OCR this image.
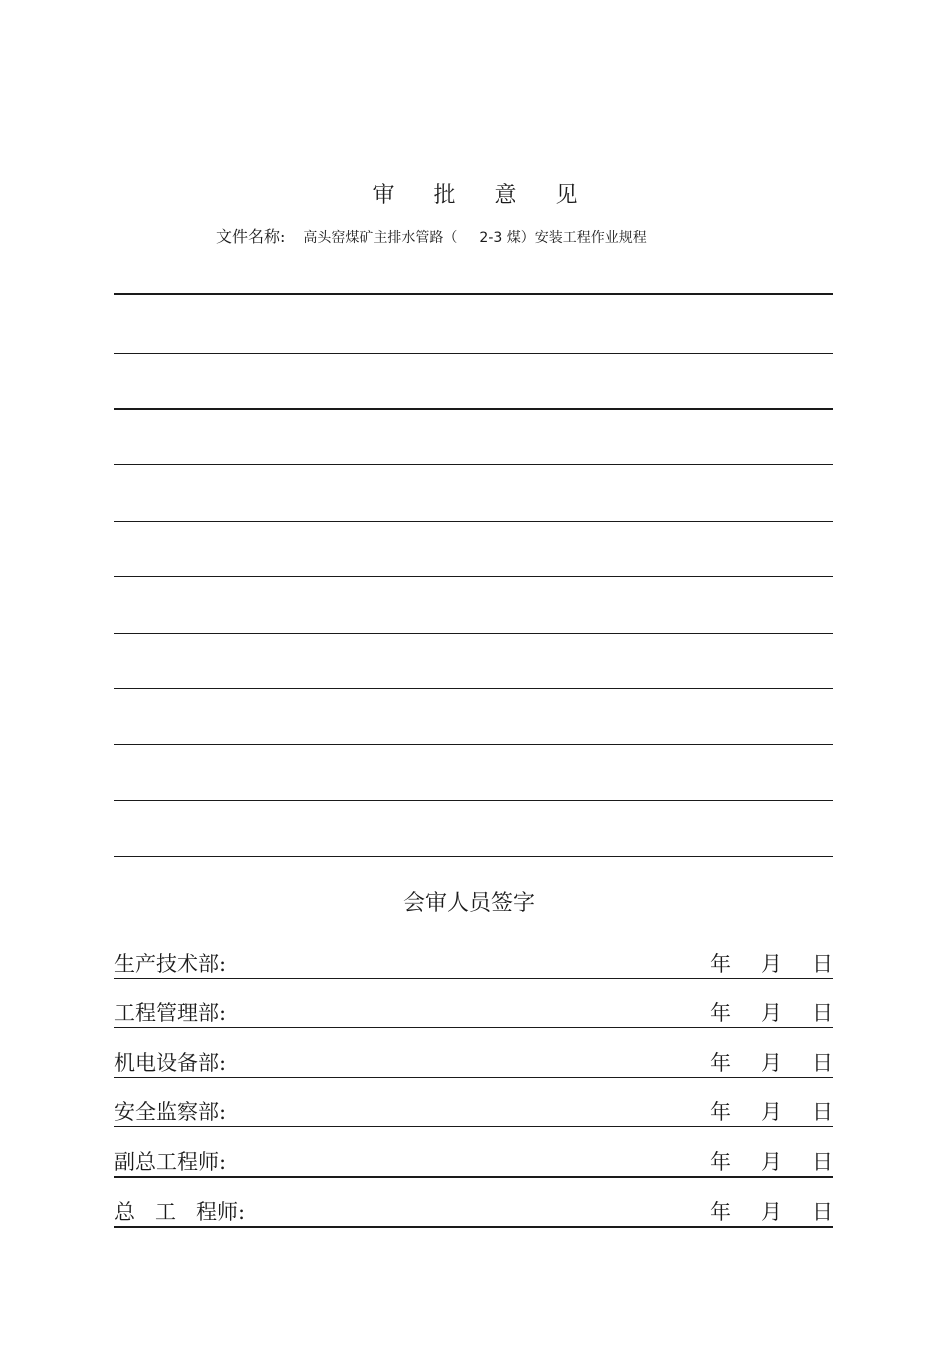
审 批 意 见
文件名称: 高头窑煤矿主排水管路（ 2-3 煤）安装工程作业规程
会审人员签字
生产技术部:	年 月 日
工程管理部:	年 月 日
机电设备部:	年 月 日
安全监察部:	年 月 日
副总工程师:	年 月 日
总   工   程师:	年 月 日
